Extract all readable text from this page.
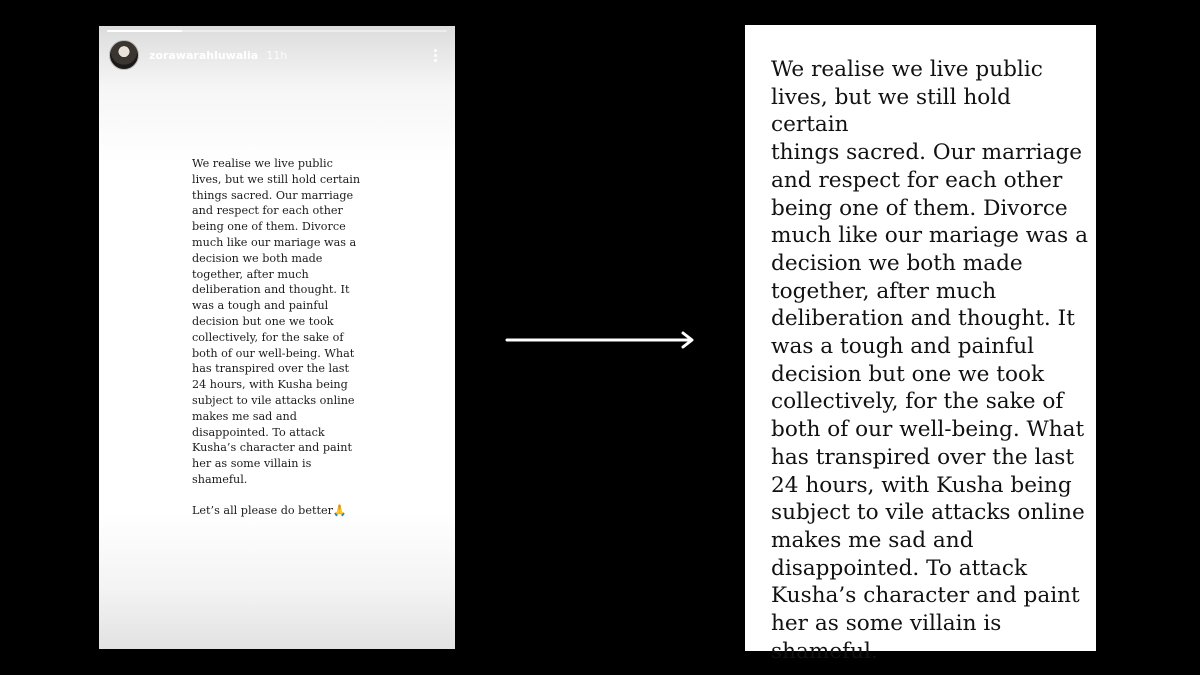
zorawarahluwalia 11h

We realise we live public
lives, but we still hold certain
things sacred. Our marriage
and respect for each other
being one of them. Divorce
much like our mariage was a
decision we both made
together, after much
deliberation and thought. It
was a tough and painful
decision but one we took
collectively, for the sake of
both of our well-being. What
has transpired over the last
24 hours, with Kusha being
subject to vile attacks online
makes me sad and
disappointed. To attack
Kusha’s character and paint
her as some villain is
shameful.

Let’s all please do better🙏

We realise we live public
lives, but we still hold certain
things sacred. Our marriage
and respect for each other
being one of them. Divorce
much like our mariage was a
decision we both made
together, after much
deliberation and thought. It
was a tough and painful
decision but one we took
collectively, for the sake of
both of our well-being. What
has transpired over the last
24 hours, with Kusha being
subject to vile attacks online
makes me sad and
disappointed. To attack
Kusha’s character and paint
her as some villain is
shameful.
